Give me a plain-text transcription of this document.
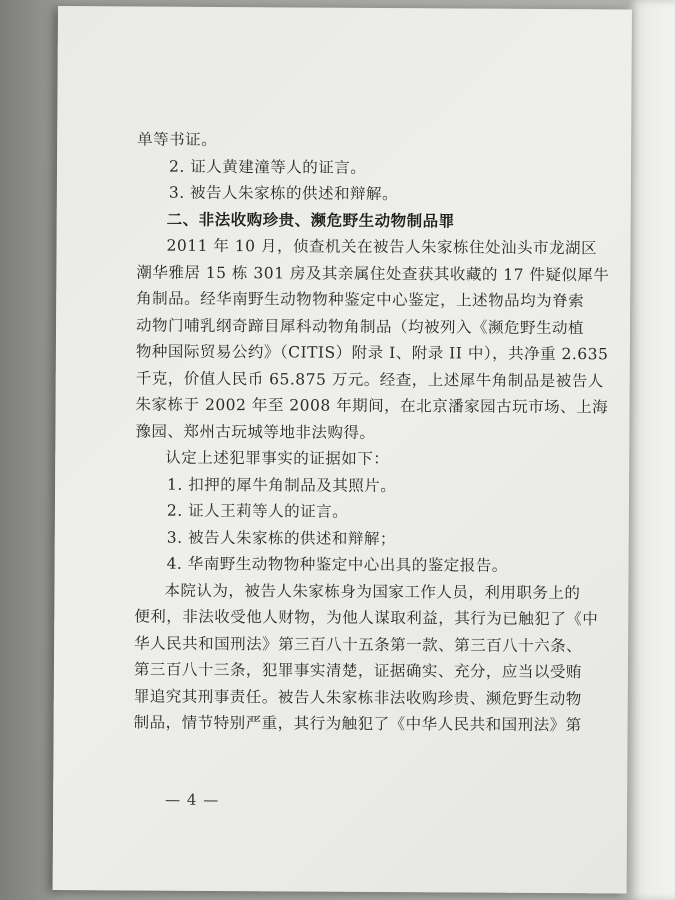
单等书证。
2. 证人黄建潼等人的证言。
3. 被告人朱家栋的供述和辩解。
二、非法收购珍贵、濒危野生动物制品罪
2011 年 10 月，侦查机关在被告人朱家栋住处汕头市龙湖区
潮华雅居 15 栋 301 房及其亲属住处查获其收藏的 17 件疑似犀牛
角制品。经华南野生动物物种鉴定中心鉴定，上述物品均为脊索
动物门哺乳纲奇蹄目犀科动物角制品（均被列入《濒危野生动植
物种国际贸易公约》（CITIS）附录 I、附录 II 中），共净重 2.635
千克，价值人民币 65.875 万元。经查，上述犀牛角制品是被告人
朱家栋于 2002 年至 2008 年期间，在北京潘家园古玩市场、上海
豫园、郑州古玩城等地非法购得。
认定上述犯罪事实的证据如下：
1. 扣押的犀牛角制品及其照片。
2. 证人王莉等人的证言。
3. 被告人朱家栋的供述和辩解；
4. 华南野生动物物种鉴定中心出具的鉴定报告。
本院认为，被告人朱家栋身为国家工作人员，利用职务上的
便利，非法收受他人财物，为他人谋取利益，其行为已触犯了《中
华人民共和国刑法》第三百八十五条第一款、第三百八十六条、
第三百八十三条，犯罪事实清楚，证据确实、充分，应当以受贿
罪追究其刑事责任。被告人朱家栋非法收购珍贵、濒危野生动物
制品，情节特别严重，其行为触犯了《中华人民共和国刑法》第
— 4 —
